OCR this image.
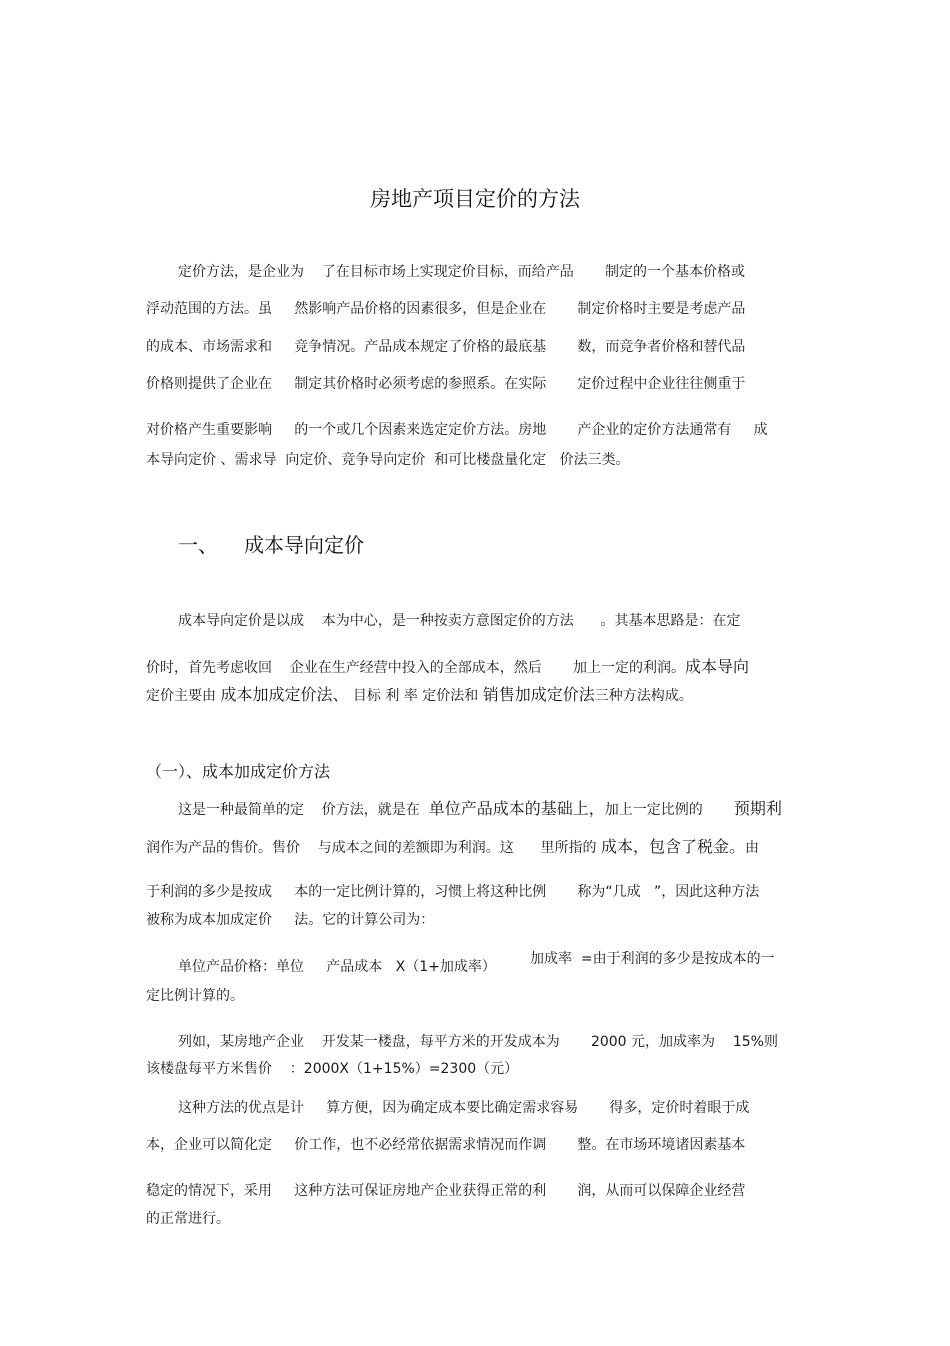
房地产项目定价的方法
定价方法，是企业为    了在目标市场上实现定价目标，而给产品       制定的一个基本价格或
浮动范围的方法。虽     然影响产品价格的因素很多，但是企业在       制定价格时主要是考虑产品
的成本、市场需求和     竞争情况。产品成本规定了价格的最底基       数，而竞争者价格和替代品
价格则提供了企业在     制定其价格时必须考虑的参照系。在实际       定价过程中企业往往侧重于
对价格产生重要影响     的一个或几个因素来选定定价方法。房地       产企业的定价方法通常有     成
本导向定价 、需求导  向定价、竞争导向定价  和可比楼盘量化定   价法三类。
一、 成本导向定价
成本导向定价是以成    本为中心，是一种按卖方意图定价的方法      。其基本思路是：在定
价时，首先考虑收回    企业在生产经营中投入的全部成本，然后       加上一定的利润。成本导向
定价主要由 成本加成定价法、 目标 利 率 定价法和 销售加成定价法三种方法构成。
（一）、成本加成定价方法
这是一种最简单的定    价方法，就是在  单位产品成本的基础上，加上一定比例的       预期利
润作为产品的售价。售价    与成本之间的差额即为利润。这      里所指的 成本，包含了税金。由
于利润的多少是按成     本的一定比例计算的，习惯上将这种比例       称为“几成   ”，因此这种方法
被称为成本加成定价     法。它的计算公司为：
单位产品价格：单位     产品成本   X（1+加成率） 加成率  =由于利润的多少是按成本的一
定比例计算的。
列如，某房地产企业    开发某一楼盘，每平方米的开发成本为       2000 元，加成率为    15%则
该楼盘每平方米售价    ：2000X（1+15%）=2300（元）
这种方法的优点是计     算方便，因为确定成本要比确定需求容易       得多，定价时着眼于成
本，企业可以简化定     价工作，也不必经常依据需求情况而作调       整。在市场环境诸因素基本
稳定的情况下，采用     这种方法可保证房地产企业获得正常的利       润，从而可以保障企业经营
的正常进行。
